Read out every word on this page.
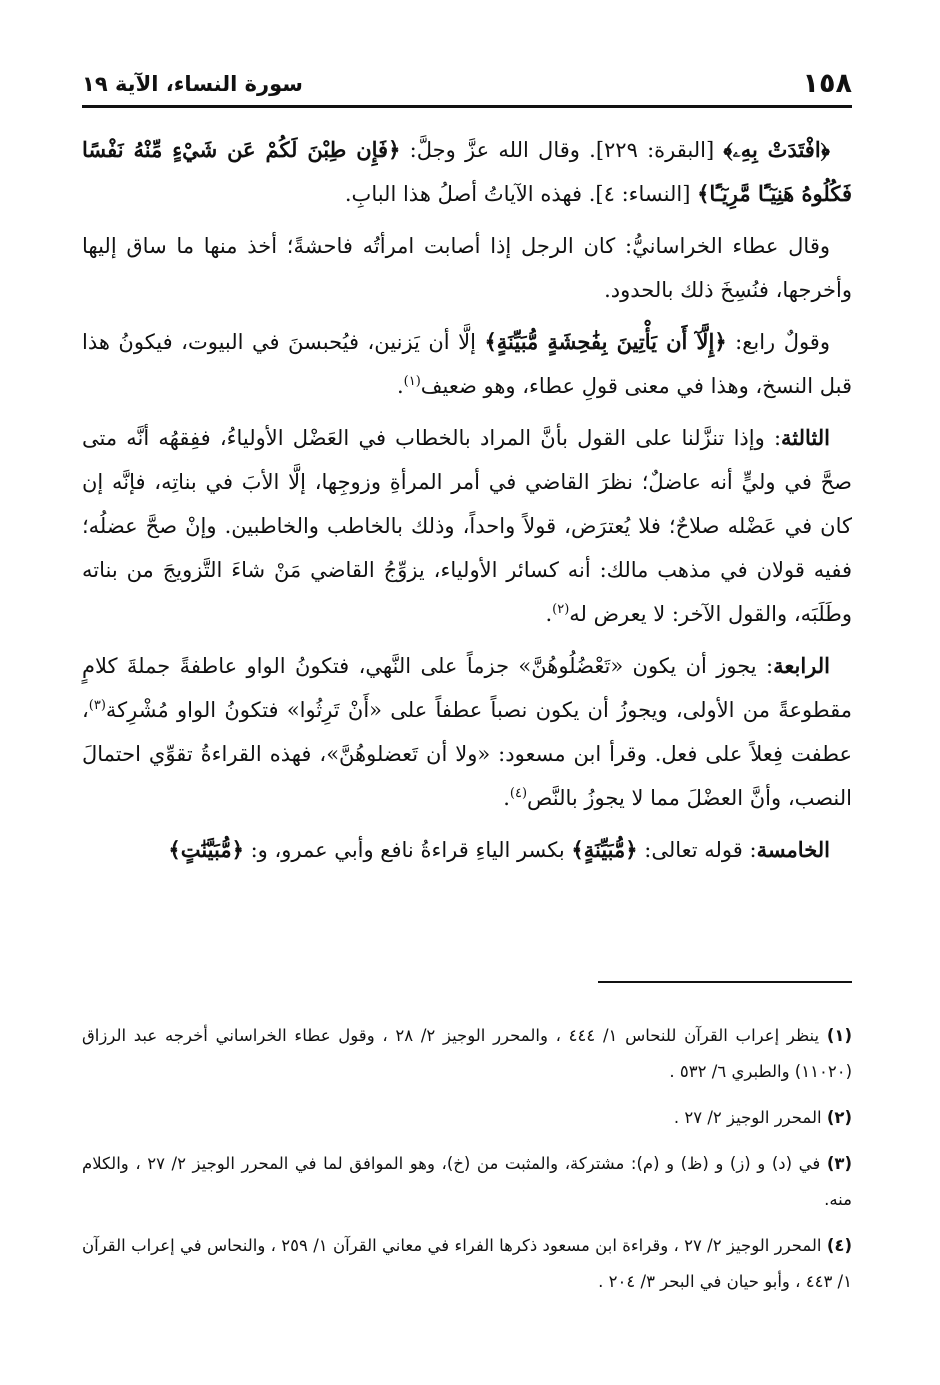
١٥٨
سورة النساء، الآية ١٩

﴿افْتَدَتْ بِهِۦ﴾ [البقرة: ٢٢٩]. وقال الله عزَّ وجلَّ: ﴿فَإِن طِبْنَ لَكُمْ عَن شَيْءٍ مِّنْهُ نَفْسًا فَكُلُوهُ هَنِيٓـًٔا مَّرِيٓـًٔا﴾ [النساء: ٤]. فهذه الآياتُ أصلُ هذا البابِ.

وقال عطاء الخراسانيُّ: كان الرجل إذا أصابت امرأتُه فاحشةً؛ أخذ منها ما ساق إليها وأخرجها، فنُسِخَ ذلك بالحدود.

وقولٌ رابع: ﴿إِلَّآ أَن يَأْتِينَ بِفَٰحِشَةٍ مُّبَيِّنَةٍ﴾ إلَّا أن يَزنين، فيُحبسنَ في البيوت، فيكونُ هذا قبل النسخ، وهذا في معنى قولِ عطاء، وهو ضعيف$^{(١)}$.

الثالثة: وإذا تنزَّلنا على القول بأنَّ المراد بالخطاب في العَضْل الأولياءُ، ففِقهُه أنَّه متى صحَّ في وليٍّ أنه عاضلٌ؛ نظرَ القاضي في أمر المرأةِ وزوجِها، إلَّا الأبَ في بناتِه، فإنَّه إن كان في عَضْله صلاحٌ؛ فلا يُعترَض، قولاً واحداً، وذلك بالخاطب والخاطبين. وإنْ صحَّ عضلُه؛ ففيه قولان في مذهب مالك: أنه كسائر الأولياء، يزوِّجُ القاضي مَنْ شاءَ التَّزويجَ من بناته وطَلَبَه، والقول الآخر: لا يعرض له$^{(٢)}$.

الرابعة: يجوز أن يكون «تَعْضُلُوهُنَّ» جزماً على النَّهي، فتكونُ الواو عاطفةً جملةَ كلامٍ مقطوعةً من الأولى، ويجوزُ أن يكون نصباً عطفاً على «أَنْ تَرِثُوا» فتكونُ الواو مُشْرِكة$^{(٣)}$، عطفت فِعلاً على فعل. وقرأ ابن مسعود: «ولا أن تَعضلوهُنَّ»، فهذه القراءةُ تقوِّي احتمالَ النصب، وأنَّ العضْلَ مما لا يجوزُ بالنَّص$^{(٤)}$.

الخامسة: قوله تعالى: ﴿مُّبَيِّنَةٍ﴾ بكسر الياءِ قراءةُ نافع وأبي عمرو، و: ﴿مُّبَيَّنَٰتٍ﴾

(١) ينظر إعراب القرآن للنحاس ١/ ٤٤٤ ، والمحرر الوجيز ٢/ ٢٨ ، وقول عطاء الخراساني أخرجه عبد الرزاق (١١٠٢٠) والطبري ٦/ ٥٣٢ .
(٢) المحرر الوجيز ٢/ ٢٧ .
(٣) في (د) و (ز) و (ظ) و (م): مشتركة، والمثبت من (خ)، وهو الموافق لما في المحرر الوجيز ٢/ ٢٧ ، والكلام منه.
(٤) المحرر الوجيز ٢/ ٢٧ ، وقراءة ابن مسعود ذكرها الفراء في معاني القرآن ١/ ٢٥٩ ، والنحاس في إعراب القرآن ١/ ٤٤٣ ، وأبو حيان في البحر ٣/ ٢٠٤ .
